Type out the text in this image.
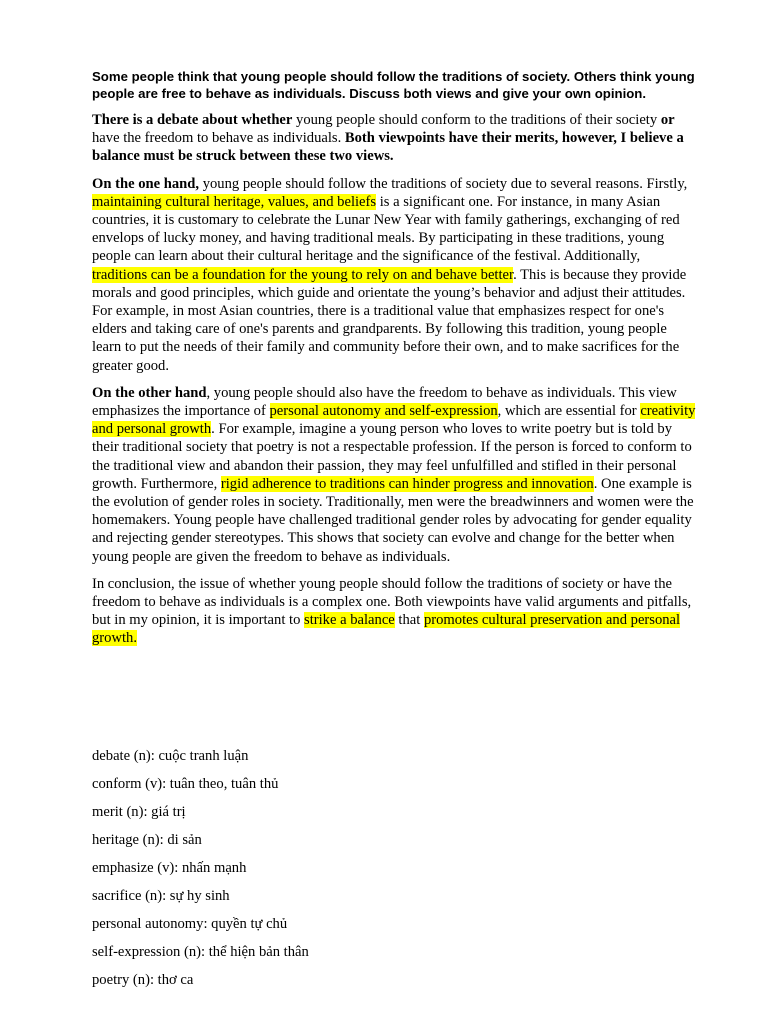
Some people think that young people should follow the traditions of society. Others think young people are free to behave as individuals. Discuss both views and give your own opinion.

There is a debate about whether young people should conform to the traditions of their society or have the freedom to behave as individuals. Both viewpoints have their merits, however, I believe a balance must be struck between these two views.

On the one hand, young people should follow the traditions of society due to several reasons. Firstly, maintaining cultural heritage, values, and beliefs is a significant one. For instance, in many Asian countries, it is customary to celebrate the Lunar New Year with family gatherings, exchanging of red envelops of lucky money, and having traditional meals. By participating in these traditions, young people can learn about their cultural heritage and the significance of the festival. Additionally, traditions can be a foundation for the young to rely on and behave better. This is because they provide morals and good principles, which guide and orientate the young’s behavior and adjust their attitudes. For example, in most Asian countries, there is a traditional value that emphasizes respect for one's elders and taking care of one's parents and grandparents. By following this tradition, young people learn to put the needs of their family and community before their own, and to make sacrifices for the greater good.

On the other hand, young people should also have the freedom to behave as individuals. This view emphasizes the importance of personal autonomy and self-expression, which are essential for creativity and personal growth. For example, imagine a young person who loves to write poetry but is told by their traditional society that poetry is not a respectable profession. If the person is forced to conform to the traditional view and abandon their passion, they may feel unfulfilled and stifled in their personal growth. Furthermore, rigid adherence to traditions can hinder progress and innovation. One example is the evolution of gender roles in society. Traditionally, men were the breadwinners and women were the homemakers. Young people have challenged traditional gender roles by advocating for gender equality and rejecting gender stereotypes. This shows that society can evolve and change for the better when young people are given the freedom to behave as individuals.

In conclusion, the issue of whether young people should follow the traditions of society or have the freedom to behave as individuals is a complex one. Both viewpoints have valid arguments and pitfalls, but in my opinion, it is important to strike a balance that promotes cultural preservation and personal growth.

debate (n): cuộc tranh luận

conform (v): tuân theo, tuân thủ

merit (n): giá trị

heritage (n): di sản

emphasize (v): nhấn mạnh

sacrifice (n): sự hy sinh

personal autonomy: quyền tự chủ

self-expression (n): thể hiện bản thân

poetry (n): thơ ca
